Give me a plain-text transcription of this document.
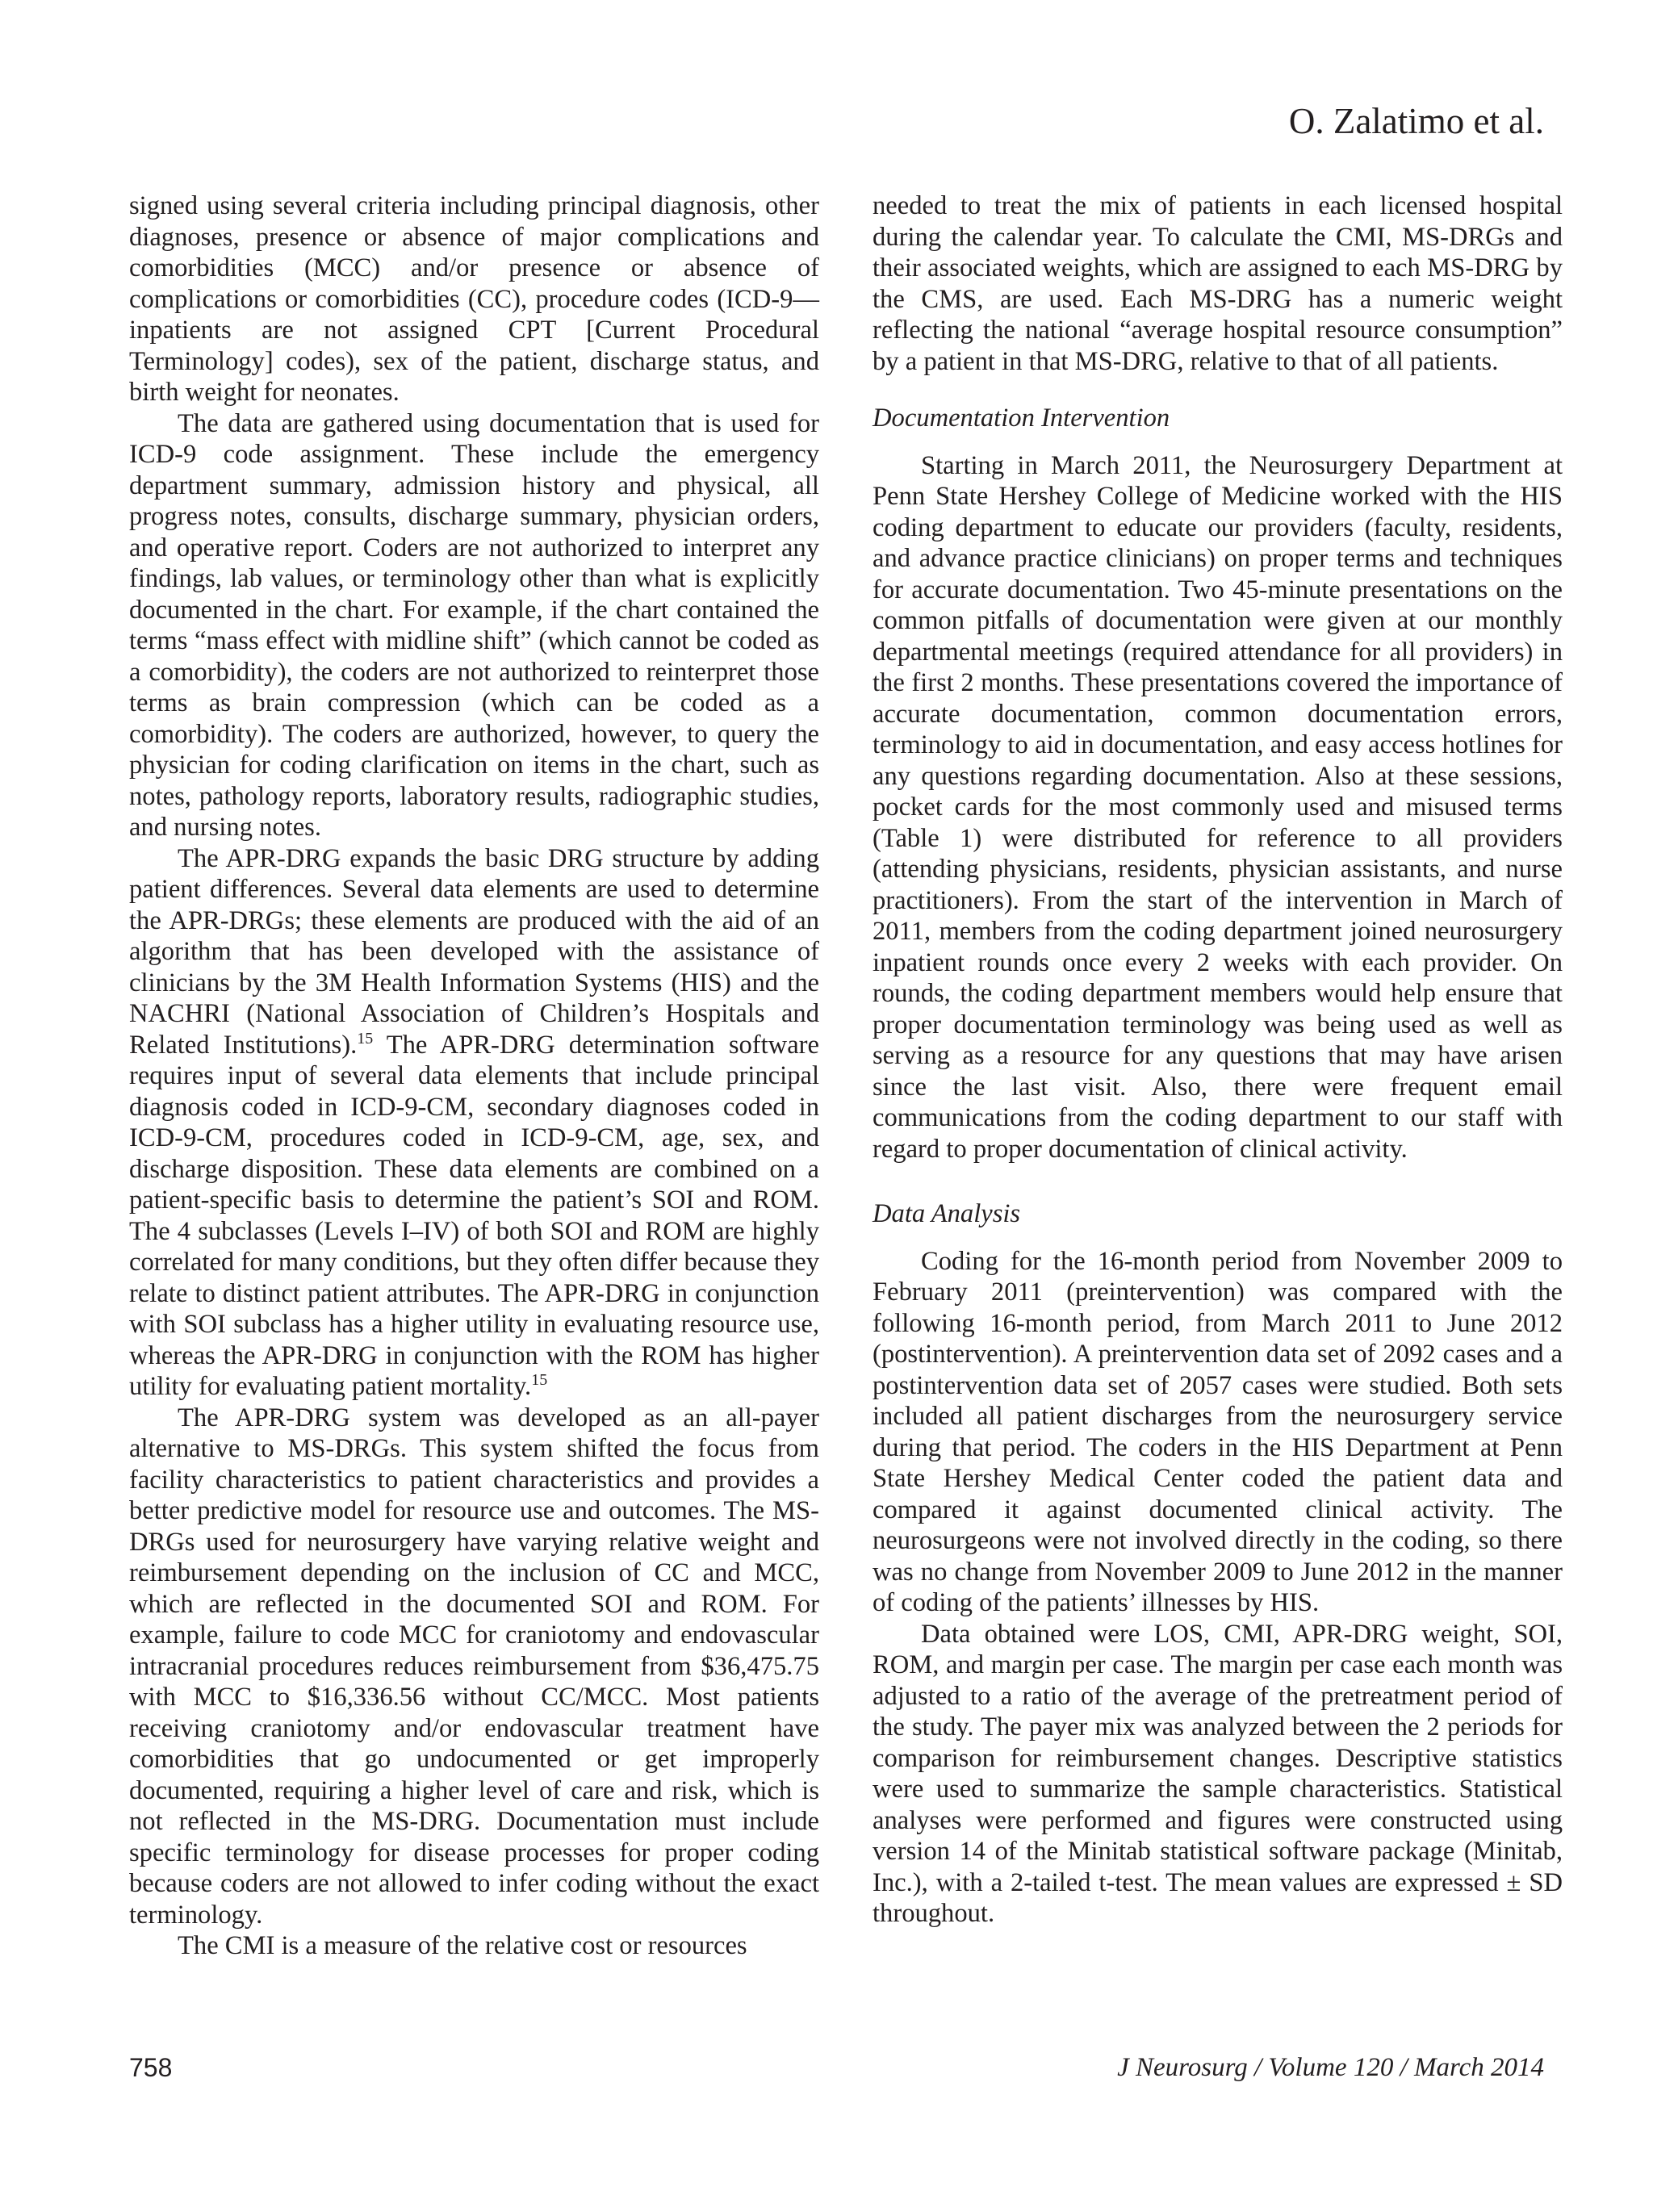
O. Zalatimo et al.

signed using several criteria including principal diagnosis, other diagnoses, presence or absence of major complications and comorbidities (MCC) and/or presence or absence of complications or comorbidities (CC), procedure codes (ICD-9—inpatients are not assigned CPT [Current Procedural Terminology] codes), sex of the patient, discharge status, and birth weight for neonates.

The data are gathered using documentation that is used for ICD-9 code assignment. These include the emergency department summary, admission history and physical, all progress notes, consults, discharge summary, physician orders, and operative report. Coders are not authorized to interpret any findings, lab values, or terminology other than what is explicitly documented in the chart. For example, if the chart contained the terms “mass effect with midline shift” (which cannot be coded as a comorbidity), the coders are not authorized to reinterpret those terms as brain compression (which can be coded as a comorbidity). The coders are authorized, however, to query the physician for coding clarification on items in the chart, such as notes, pathology reports, laboratory results, radiographic studies, and nursing notes.

The APR-DRG expands the basic DRG structure by adding patient differences. Several data elements are used to determine the APR-DRGs; these elements are produced with the aid of an algorithm that has been developed with the assistance of clinicians by the 3M Health Information Systems (HIS) and the NACHRI (National Association of Children’s Hospitals and Related Institutions).$^{15}$ The APR-DRG determination software requires input of several data elements that include principal diagnosis coded in ICD-9-CM, secondary diagnoses coded in ICD-9-CM, procedures coded in ICD-9-CM, age, sex, and discharge disposition. These data elements are combined on a patient-specific basis to determine the patient’s SOI and ROM. The 4 subclasses (Levels I–IV) of both SOI and ROM are highly correlated for many conditions, but they often differ because they relate to distinct patient attributes. The APR-DRG in conjunction with SOI subclass has a higher utility in evaluating resource use, whereas the APR-DRG in conjunction with the ROM has higher utility for evaluating patient mortality.$^{15}$

The APR-DRG system was developed as an all-payer alternative to MS-DRGs. This system shifted the focus from facility characteristics to patient characteristics and provides a better predictive model for resource use and outcomes. The MS-DRGs used for neurosurgery have varying relative weight and reimbursement depending on the inclusion of CC and MCC, which are reflected in the documented SOI and ROM. For example, failure to code MCC for craniotomy and endovascular intracranial procedures reduces reimbursement from $36,475.75 with MCC to $16,336.56 without CC/MCC. Most patients receiving craniotomy and/or endovascular treatment have comorbidities that go undocumented or get improperly documented, requiring a higher level of care and risk, which is not reflected in the MS-DRG. Documentation must include specific terminology for disease processes for proper coding because coders are not allowed to infer coding without the exact terminology.

The CMI is a measure of the relative cost or resources

needed to treat the mix of patients in each licensed hospital during the calendar year. To calculate the CMI, MS-DRGs and their associated weights, which are assigned to each MS-DRG by the CMS, are used. Each MS-DRG has a numeric weight reflecting the national “average hospital resource consumption” by a patient in that MS-DRG, relative to that of all patients.

Documentation Intervention

Starting in March 2011, the Neurosurgery Department at Penn State Hershey College of Medicine worked with the HIS coding department to educate our providers (faculty, residents, and advance practice clinicians) on proper terms and techniques for accurate documentation. Two 45-minute presentations on the common pitfalls of documentation were given at our monthly departmental meetings (required attendance for all providers) in the first 2 months. These presentations covered the importance of accurate documentation, common documentation errors, terminology to aid in documentation, and easy access hotlines for any questions regarding documentation. Also at these sessions, pocket cards for the most commonly used and misused terms (Table 1) were distributed for reference to all providers (attending physicians, residents, physician assistants, and nurse practitioners). From the start of the intervention in March of 2011, members from the coding department joined neurosurgery inpatient rounds once every 2 weeks with each provider. On rounds, the coding department members would help ensure that proper documentation terminology was being used as well as serving as a resource for any questions that may have arisen since the last visit. Also, there were frequent email communications from the coding department to our staff with regard to proper documentation of clinical activity.

Data Analysis

Coding for the 16-month period from November 2009 to February 2011 (preintervention) was compared with the following 16-month period, from March 2011 to June 2012 (postintervention). A preintervention data set of 2092 cases and a postintervention data set of 2057 cases were studied. Both sets included all patient discharges from the neurosurgery service during that period. The coders in the HIS Department at Penn State Hershey Medical Center coded the patient data and compared it against documented clinical activity. The neurosurgeons were not involved directly in the coding, so there was no change from November 2009 to June 2012 in the manner of coding of the patients’ illnesses by HIS.

Data obtained were LOS, CMI, APR-DRG weight, SOI, ROM, and margin per case. The margin per case each month was adjusted to a ratio of the average of the pretreatment period of the study. The payer mix was analyzed between the 2 periods for comparison for reimbursement changes. Descriptive statistics were used to summarize the sample characteristics. Statistical analyses were performed and figures were constructed using version 14 of the Minitab statistical software package (Minitab, Inc.), with a 2-tailed t-test. The mean values are expressed ± SD throughout.

758	J Neurosurg / Volume 120 / March 2014
